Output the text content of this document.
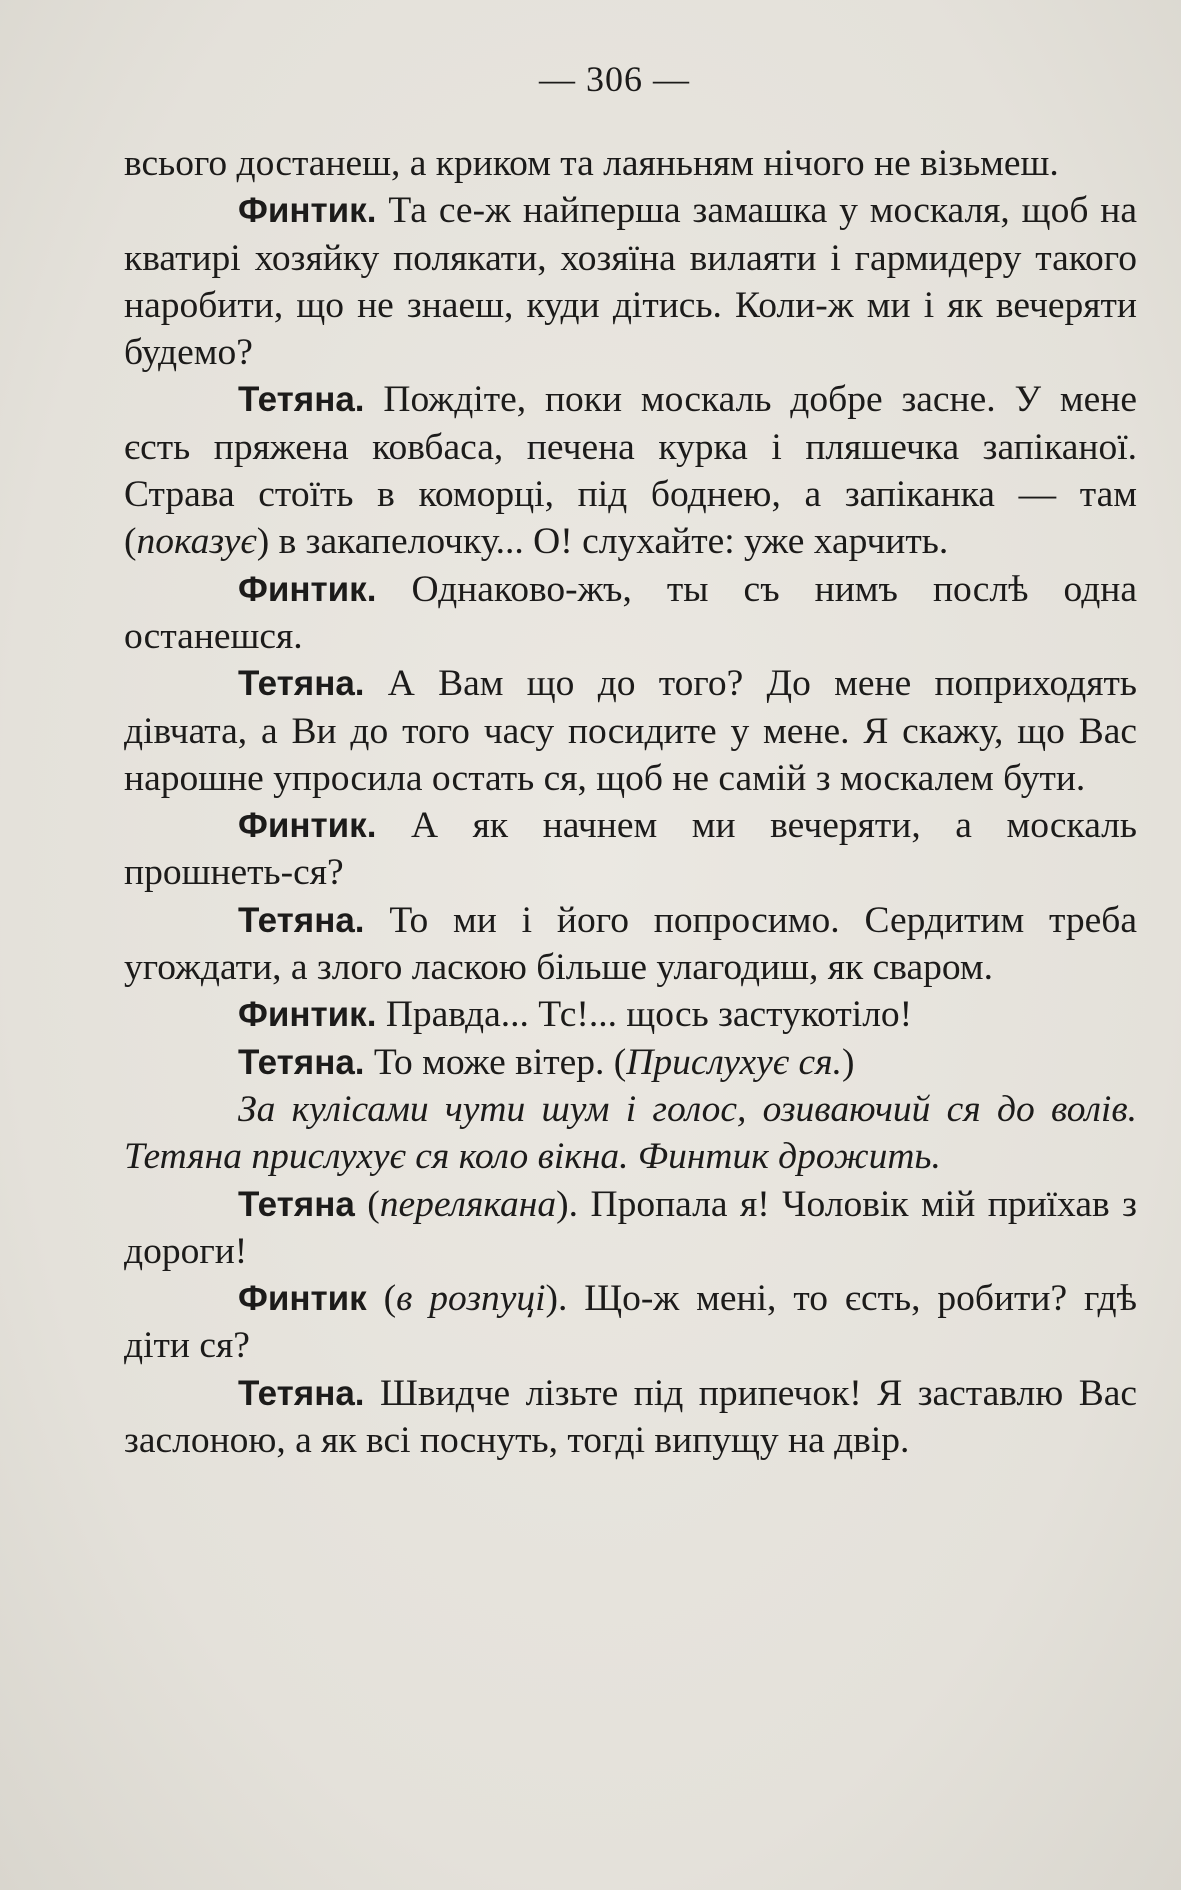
— 306 —

всього достанеш, а криком та лаяньням нічого не візьмеш.

Финтик. Та се-ж найперша замашка у москаля, щоб на кватирі хозяйку полякати, хозяїна вилаяти і гармидеру такого наробити, що не знаеш, куди дітись. Коли-ж ми і як вечеряти будемо?

Тетяна. Пождіте, поки москаль добре засне. У мене єсть пряжена ковбаса, печена курка і пляшечка запіканої. Страва стоїть в коморці, під боднею, а запіканка — там (показує) в закапелочку... О! слухайте: уже харчить.

Финтик. Однаково-жъ, ты съ нимъ послѣ одна останешся.

Тетяна. А Вам що до того? До мене поприходять дівчата, а Ви до того часу посидите у мене. Я скажу, що Вас нарошне упросила остать ся, щоб не самій з москалем бути.

Финтик. А як начнем ми вечеряти, а москаль прошнеть-ся?

Тетяна. То ми і його попросимо. Сердитим треба угождати, а злого ласкою більше улагодиш, як сваром.

Финтик. Правда... Тс!... щось застукотіло!

Тетяна. То може вітер. (Прислухує ся.)

За кулісами чути шум і голос, озиваючий ся до волів. Тетяна прислухує ся коло вікна. Финтик дрожить.

Тетяна (перелякана). Пропала я! Чоловік мій приїхав з дороги!

Финтик (в розпуці). Що-ж мені, то єсть, робити? гдѣ діти ся?

Тетяна. Швидче лізьте під припечок! Я заставлю Вас заслоною, а як всі поснуть, тогді випущу на двір.
